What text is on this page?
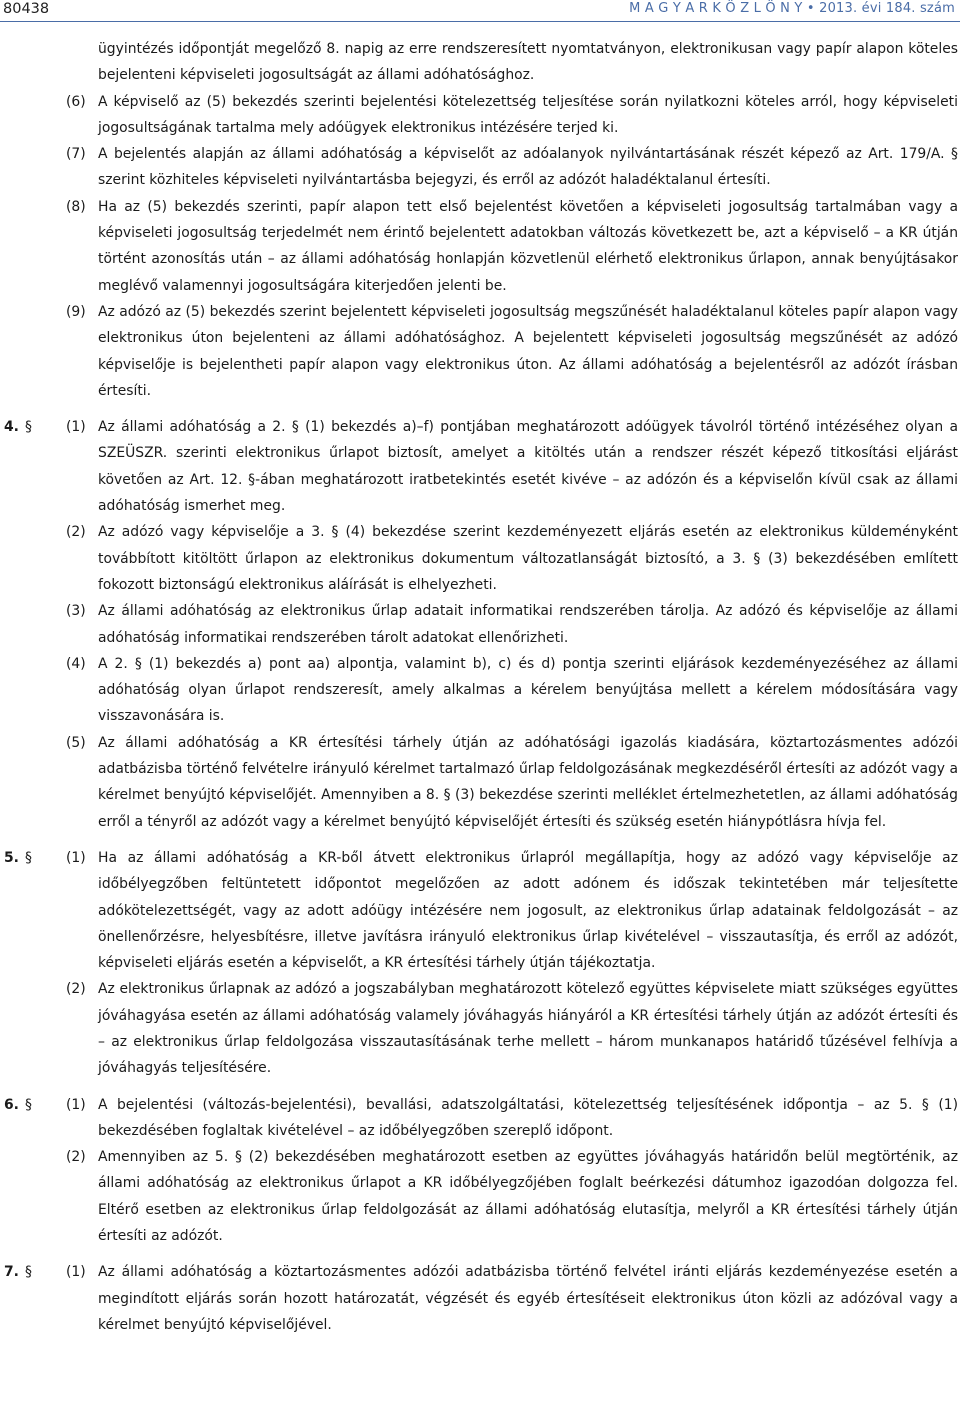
80438	M A G Y A R K Ö Z L Ö N Y • 2013. évi 184. szám
ügyintézés időpontját megelőző 8. napig az erre rendszeresített nyomtatványon, elektronikusan vagy papír alapon köteles bejelenteni képviseleti jogosultságát az állami adóhatósághoz.
(6) A képviselő az (5) bekezdés szerinti bejelentési kötelezettség teljesítése során nyilatkozni köteles arról, hogy képviseleti jogosultságának tartalma mely adóügyek elektronikus intézésére terjed ki.
(7) A bejelentés alapján az állami adóhatóság a képviselőt az adóalanyok nyilvántartásának részét képező az Art. 179/A. § szerint közhiteles képviseleti nyilvántartásba bejegyzi, és erről az adózót haladéktalanul értesíti.
(8) Ha az (5) bekezdés szerinti, papír alapon tett első bejelentést követően a képviseleti jogosultság tartalmában vagy a képviseleti jogosultság terjedelmét nem érintő bejelentett adatokban változás következett be, azt a képviselő – a KR útján történt azonosítás után – az állami adóhatóság honlapján közvetlenül elérhető elektronikus űrlapon, annak benyújtásakor meglévő valamennyi jogosultságára kiterjedően jelenti be.
(9) Az adózó az (5) bekezdés szerint bejelentett képviseleti jogosultság megszűnését haladéktalanul köteles papír alapon vagy elektronikus úton bejelenteni az állami adóhatósághoz. A bejelentett képviseleti jogosultság megszűnését az adózó képviselője is bejelentheti papír alapon vagy elektronikus úton. Az állami adóhatóság a bejelentésről az adózót írásban értesíti.
4. § (1) Az állami adóhatóság a 2. § (1) bekezdés a)–f) pontjában meghatározott adóügyek távolról történő intézéséhez olyan a SZEÜSZR. szerinti elektronikus űrlapot biztosít, amelyet a kitöltés után a rendszer részét képező titkosítási eljárást követően az Art. 12. §-ában meghatározott iratbetekintés esetét kivéve – az adózón és a képviselőn kívül csak az állami adóhatóság ismerhet meg.
(2) Az adózó vagy képviselője a 3. § (4) bekezdése szerint kezdeményezett eljárás esetén az elektronikus küldeményként továbbított kitöltött űrlapon az elektronikus dokumentum változatlanságát biztosító, a 3. § (3) bekezdésében említett fokozott biztonságú elektronikus aláírását is elhelyezheti.
(3) Az állami adóhatóság az elektronikus űrlap adatait informatikai rendszerében tárolja. Az adózó és képviselője az állami adóhatóság informatikai rendszerében tárolt adatokat ellenőrizheti.
(4) A 2. § (1) bekezdés a) pont aa) alpontja, valamint b), c) és d) pontja szerinti eljárások kezdeményezéséhez az állami adóhatóság olyan űrlapot rendszeresít, amely alkalmas a kérelem benyújtása mellett a kérelem módosítására vagy visszavonására is.
(5) Az állami adóhatóság a KR értesítési tárhely útján az adóhatósági igazolás kiadására, köztartozásmentes adózói adatbázisba történő felvételre irányuló kérelmet tartalmazó űrlap feldolgozásának megkezdéséről értesíti az adózót vagy a kérelmet benyújtó képviselőjét. Amennyiben a 8. § (3) bekezdése szerinti melléklet értelmezhetetlen, az állami adóhatóság erről a tényről az adózót vagy a kérelmet benyújtó képviselőjét értesíti és szükség esetén hiánypótlásra hívja fel.
5. § (1) Ha az állami adóhatóság a KR-ből átvett elektronikus űrlapról megállapítja, hogy az adózó vagy képviselője az időbélyegzőben feltüntetett időpontot megelőzően az adott adónem és időszak tekintetében már teljesítette adókötelezettségét, vagy az adott adóügy intézésére nem jogosult, az elektronikus űrlap adatainak feldolgozását – az önellenőrzésre, helyesbítésre, illetve javításra irányuló elektronikus űrlap kivételével – visszautasítja, és erről az adózót, képviseleti eljárás esetén a képviselőt, a KR értesítési tárhely útján tájékoztatja.
(2) Az elektronikus űrlapnak az adózó a jogszabályban meghatározott kötelező együttes képviselete miatt szükséges együttes jóváhagyása esetén az állami adóhatóság valamely jóváhagyás hiányáról a KR értesítési tárhely útján az adózót értesíti és – az elektronikus űrlap feldolgozása visszautasításának terhe mellett – három munkanapos határidő tűzésével felhívja a jóváhagyás teljesítésére.
6. § (1) A bejelentési (változás-bejelentési), bevallási, adatszolgáltatási, kötelezettség teljesítésének időpontja – az 5. § (1) bekezdésében foglaltak kivételével – az időbélyegzőben szereplő időpont.
(2) Amennyiben az 5. § (2) bekezdésében meghatározott esetben az együttes jóváhagyás határidőn belül megtörténik, az állami adóhatóság az elektronikus űrlapot a KR időbélyegzőjében foglalt beérkezési dátumhoz igazodóan dolgozza fel. Eltérő esetben az elektronikus űrlap feldolgozását az állami adóhatóság elutasítja, melyről a KR értesítési tárhely útján értesíti az adózót.
7. § (1) Az állami adóhatóság a köztartozásmentes adózói adatbázisba történő felvétel iránti eljárás kezdeményezése esetén a megindított eljárás során hozott határozatát, végzését és egyéb értesítéseit elektronikus úton közli az adózóval vagy a kérelmet benyújtó képviselőjével.
